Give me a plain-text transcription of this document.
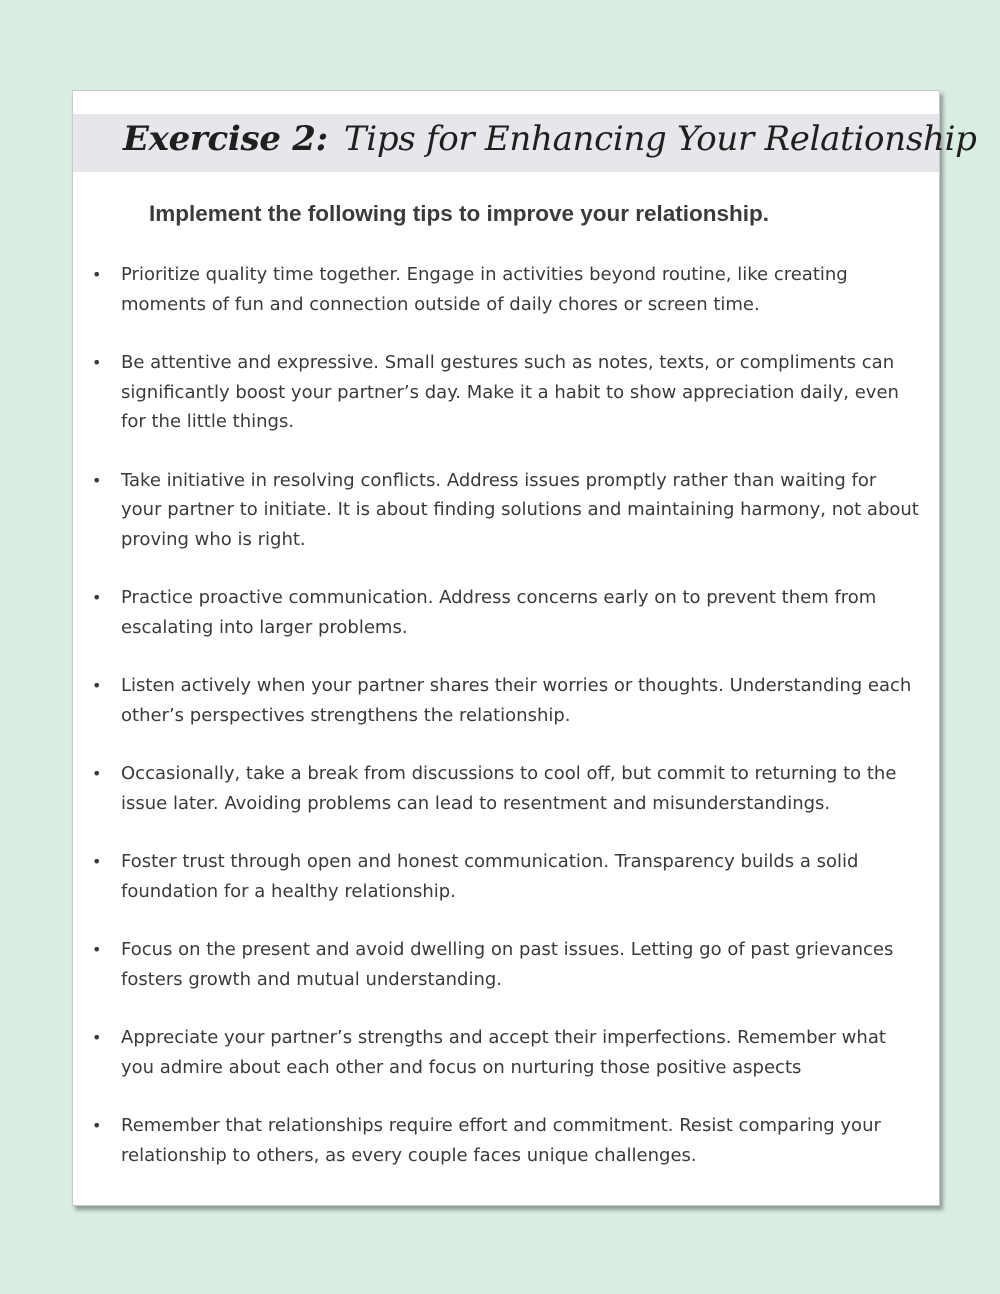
Exercise 2: Tips for Enhancing Your Relationship

Implement the following tips to improve your relationship.

• Prioritize quality time together. Engage in activities beyond routine, like creating moments of fun and connection outside of daily chores or screen time.
• Be attentive and expressive. Small gestures such as notes, texts, or compliments can significantly boost your partner’s day. Make it a habit to show appreciation daily, even for the little things.
• Take initiative in resolving conflicts. Address issues promptly rather than waiting for your partner to initiate. It is about finding solutions and maintaining harmony, not about proving who is right.
• Practice proactive communication. Address concerns early on to prevent them from escalating into larger problems.
• Listen actively when your partner shares their worries or thoughts. Understanding each other’s perspectives strengthens the relationship.
• Occasionally, take a break from discussions to cool off, but commit to returning to the issue later. Avoiding problems can lead to resentment and misunderstandings.
• Foster trust through open and honest communication. Transparency builds a solid foundation for a healthy relationship.
• Focus on the present and avoid dwelling on past issues. Letting go of past grievances fosters growth and mutual understanding.
• Appreciate your partner’s strengths and accept their imperfections. Remember what you admire about each other and focus on nurturing those positive aspects
• Remember that relationships require effort and commitment. Resist comparing your relationship to others, as every couple faces unique challenges.
